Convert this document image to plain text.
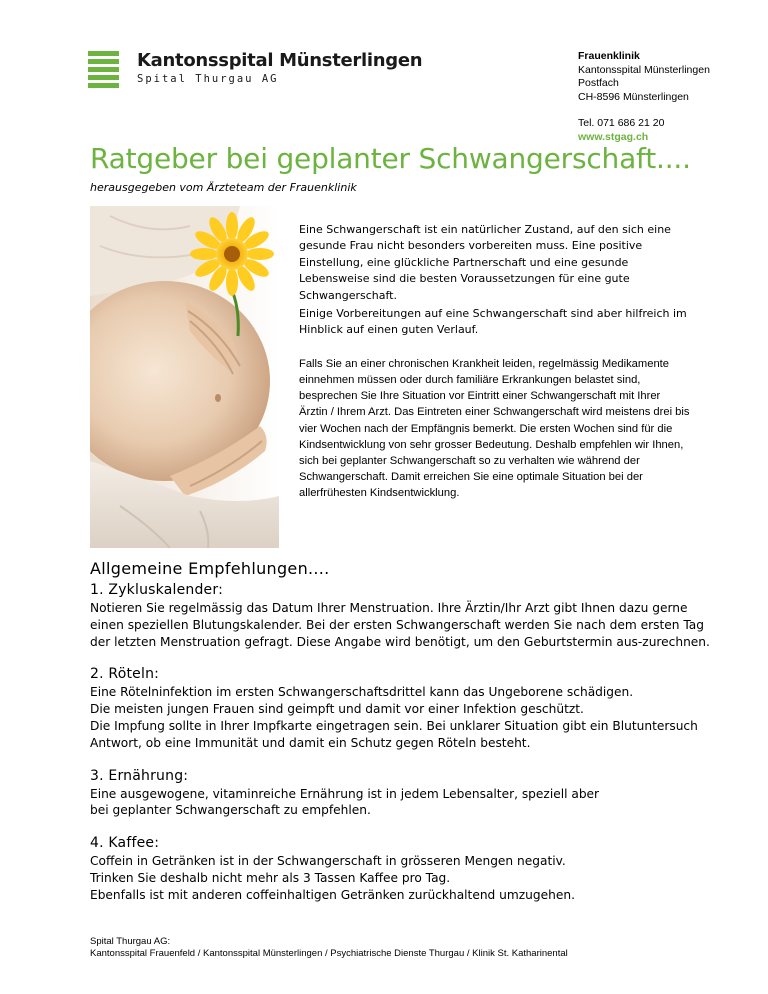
Kantonsspital Münsterlingen
Spital Thurgau AG
Frauenklinik
Kantonsspital Münsterlingen
Postfach
CH-8596 Münsterlingen
Tel. 071 686 21 20
www.stgag.ch
Ratgeber bei geplanter Schwangerschaft....
herausgegeben vom Ärzteteam der Frauenklinik

Eine Schwangerschaft ist ein natürlicher Zustand, auf den sich eine gesunde Frau nicht besonders vorbereiten muss. Eine positive Einstellung, eine glückliche Partnerschaft und eine gesunde Lebensweise sind die besten Voraussetzungen für eine gute Schwangerschaft.

Einige Vorbereitungen auf eine Schwangerschaft sind aber hilfreich im Hinblick auf einen guten Verlauf.

Falls Sie an einer chronischen Krankheit leiden, regelmässig Medikamente einnehmen müssen oder durch familiäre Erkrankungen belastet sind, besprechen Sie Ihre Situation vor Eintritt einer Schwangerschaft mit Ihrer Ärztin / Ihrem Arzt. Das Eintreten einer Schwangerschaft wird meistens drei bis vier Wochen nach der Empfängnis bemerkt. Die ersten Wochen sind für die Kindsentwicklung von sehr grosser Bedeutung. Deshalb empfehlen wir Ihnen, sich bei geplanter Schwangerschaft so zu verhalten wie während der Schwangerschaft. Damit erreichen Sie eine optimale Situation bei der allerfrühesten Kindsentwicklung.

Allgemeine Empfehlungen....
1. Zykluskalender:

Notieren Sie regelmässig das Datum Ihrer Menstruation. Ihre Ärztin/Ihr Arzt gibt Ihnen dazu gerne einen speziellen Blutungskalender. Bei der ersten Schwangerschaft werden Sie nach dem ersten Tag der letzten Menstruation gefragt. Diese Angabe wird benötigt, um den Geburtstermin aus-zurechnen.

2. Röteln:

Eine Rötelninfektion im ersten Schwangerschaftsdrittel kann das Ungeborene schädigen.
Die meisten jungen Frauen sind geimpft und damit vor einer Infektion geschützt.
Die Impfung sollte in Ihrer Impfkarte eingetragen sein. Bei unklarer Situation gibt ein Blutuntersuch Antwort, ob eine Immunität und damit ein Schutz gegen Röteln besteht.

3. Ernährung:

Eine ausgewogene, vitaminreiche Ernährung ist in jedem Lebensalter, speziell aber
bei geplanter Schwangerschaft zu empfehlen.

4. Kaffee:

Coffein in Getränken ist in der Schwangerschaft in grösseren Mengen negativ.
Trinken Sie deshalb nicht mehr als 3 Tassen Kaffee pro Tag.
Ebenfalls ist mit anderen coffeinhaltigen Getränken zurückhaltend umzugehen.

Spital Thurgau AG:
Kantonsspital Frauenfeld / Kantonsspital Münsterlingen / Psychiatrische Dienste Thurgau / Klinik St. Katharinental
